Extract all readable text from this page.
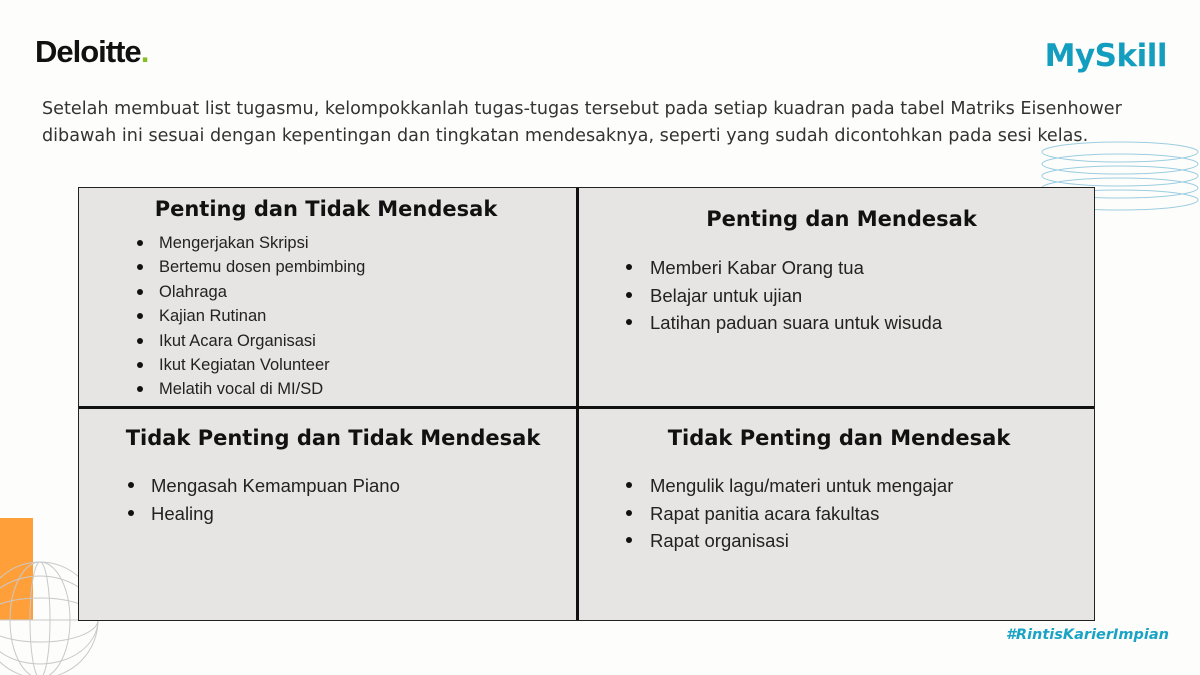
Deloitte.	MySkill

Setelah membuat list tugasmu, kelompokkanlah tugas-tugas tersebut pada setiap kuadran pada tabel Matriks Eisenhower dibawah ini sesuai dengan kepentingan dan tingkatan mendesaknya, seperti yang sudah dicontohkan pada sesi kelas.

Penting dan Tidak Mendesak
Mengerjakan Skripsi
Bertemu dosen pembimbing
Olahraga
Kajian Rutinan
Ikut Acara Organisasi
Ikut Kegiatan Volunteer
Melatih vocal di MI/SD
Penting dan Mendesak
Memberi Kabar Orang tua
Belajar untuk ujian
Latihan paduan suara untuk wisuda
Tidak Penting dan Tidak Mendesak
Mengasah Kemampuan Piano
Healing
Tidak Penting dan Mendesak
Mengulik lagu/materi untuk mengajar
Rapat panitia acara fakultas
Rapat organisasi
#RintisKarierImpian
